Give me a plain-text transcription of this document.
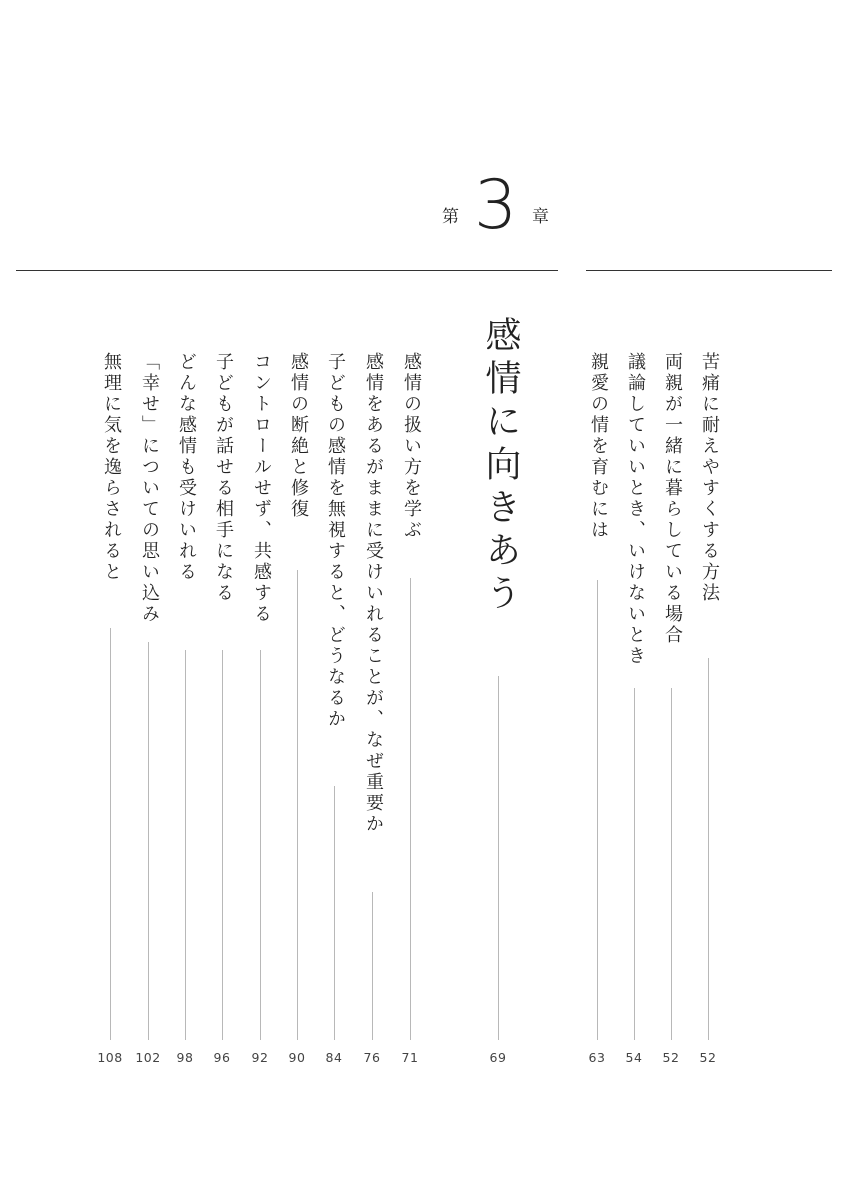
第 3 章
苦痛に耐えやすくする方法
52
両親が一緒に暮らしている場合
52
議論していいとき、いけないとき
54
親愛の情を育むには
63
感情に向きあう
69
感情の扱い方を学ぶ
71
感情をあるがままに受けいれることが、なぜ重要か
76
子どもの感情を無視すると、どうなるか
84
感情の断絶と修復
90
コントロールせず、共感する
92
子どもが話せる相手になる
96
どんな感情も受けいれる
98
「幸せ」についての思い込み
102
無理に気を逸らされると
108
